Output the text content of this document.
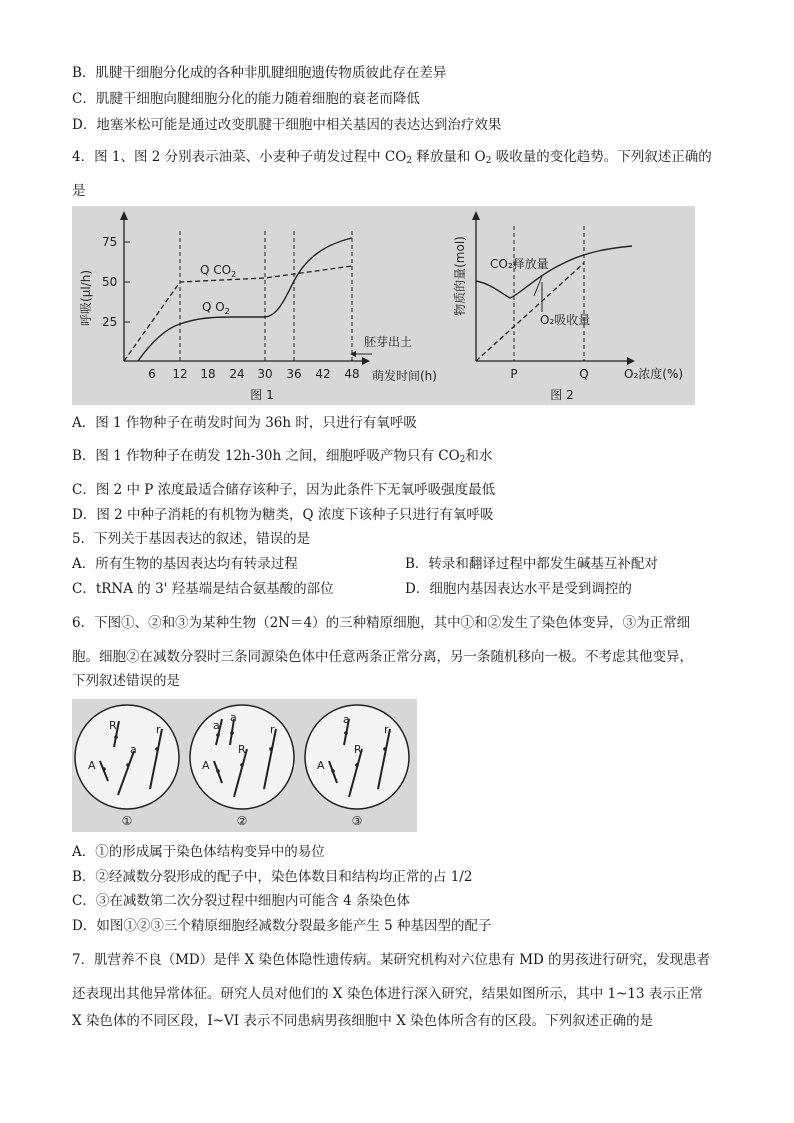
B．肌腱干细胞分化成的各种非肌腱细胞遗传物质彼此存在差异
C．肌腱干细胞向腱细胞分化的能力随着细胞的衰老而降低
D．地塞米松可能是通过改变肌腱干细胞中相关基因的表达达到治疗效果
4．图 1、图 2 分别表示油菜、小麦种子萌发过程中 $CO_2$ 释放量和 $O_2$ 吸收量的变化趋势。下列叙述正确的
是
75
50
25
呼吸(μl/h)
6 12 18 24 30 36 42 48 萌发时间(h)
Q $CO_2$
Q $O_2$
胚芽出土
图 1
物质的量(mol) CO₂释放量
O₂吸收量
P	Q	O₂浓度(%)
图 2
A．图 1 作物种子在萌发时间为 36h 时，只进行有氧呼吸
B．图 1 作物种子在萌发 12h-30h 之间，细胞呼吸产物只有 $CO_2$和水
C．图 2 中 P 浓度最适合储存该种子，因为此条件下无氧呼吸强度最低
D．图 2 中种子消耗的有机物为糖类，Q 浓度下该种子只进行有氧呼吸
5．下列关于基因表达的叙述，错误的是
A．所有生物的基因表达均有转录过程	B．转录和翻译过程中都发生碱基互补配对
C．tRNA 的 3' 羟基端是结合氨基酸的部位	D．细胞内基因表达水平是受到调控的
6．下图①、②和③为某种生物（2N＝4）的三种精原细胞，其中①和②发生了染色体变异，③为正常细
胞。细胞②在减数分裂时三条同源染色体中任意两条正常分离，另一条随机移向一极。不考虑其他变异，
下列叙述错误的是
R
a
A
r
①
a
a
R
A
r
②
a
R
A
r
③
A．①的形成属于染色体结构变异中的易位
B．②经减数分裂形成的配子中，染色体数目和结构均正常的占 1/2
C．③在减数第二次分裂过程中细胞内可能含 4 条染色体
D．如图①②③三个精原细胞经减数分裂最多能产生 5 种基因型的配子
7．肌营养不良（MD）是伴 X 染色体隐性遗传病。某研究机构对六位患有 MD 的男孩进行研究，发现患者
还表现出其他异常体征。研究人员对他们的 X 染色体进行深入研究，结果如图所示，其中 1~13 表示正常
X 染色体的不同区段，I~VI 表示不同患病男孩细胞中 X 染色体所含有的区段。下列叙述正确的是
